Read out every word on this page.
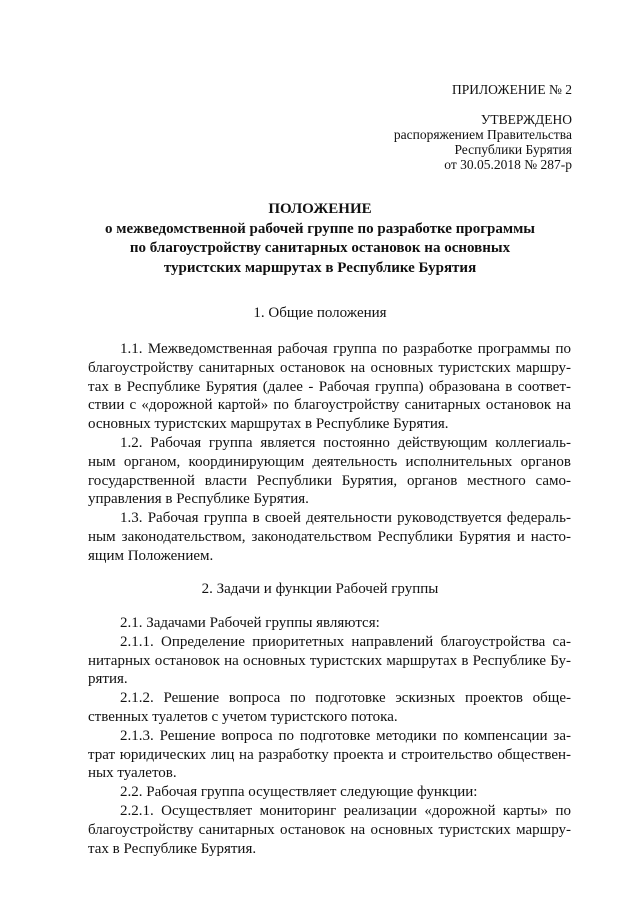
ПРИЛОЖЕНИЕ № 2
УТВЕРЖДЕНО
распоряжением Правительства
Республики Бурятия
от 30.05.2018 № 287-р
ПОЛОЖЕНИЕ
о межведомственной рабочей группе по разработке программы
по благоустройству санитарных остановок на основных
туристских маршрутах в Республике Бурятия
1. Общие положения
1.1. Межведомственная рабочая группа по разработке программы по
благоустройству санитарных остановок на основных туристских маршру-
тах в Республике Бурятия (далее - Рабочая группа) образована в соответ-
ствии с «дорожной картой» по благоустройству санитарных остановок на
основных туристских маршрутах в Республике Бурятия.
1.2. Рабочая группа является постоянно действующим коллегиаль-
ным органом, координирующим деятельность исполнительных органов
государственной власти Республики Бурятия, органов местного само-
управления в Республике Бурятия.
1.3. Рабочая группа в своей деятельности руководствуется федераль-
ным законодательством, законодательством Республики Бурятия и насто-
ящим Положением.
2. Задачи и функции Рабочей группы
2.1. Задачами Рабочей группы являются:
2.1.1. Определение приоритетных направлений благоустройства са-
нитарных остановок на основных туристских маршрутах в Республике Бу-
рятия.
2.1.2. Решение вопроса по подготовке эскизных проектов обще-
ственных туалетов с учетом туристского потока.
2.1.3. Решение вопроса по подготовке методики по компенсации за-
трат юридических лиц на разработку проекта и строительство обществен-
ных туалетов.
2.2. Рабочая группа осуществляет следующие функции:
2.2.1. Осуществляет мониторинг реализации «дорожной карты» по
благоустройству санитарных остановок на основных туристских маршру-
тах в Республике Бурятия.
